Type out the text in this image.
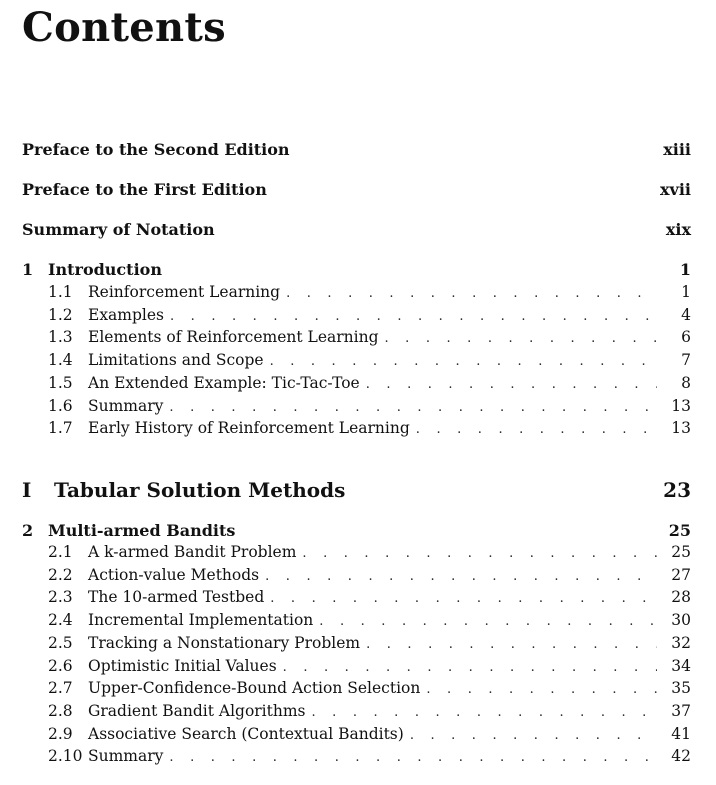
Contents
Preface to the Second Edition	xiii
Preface to the First Edition	xvii
Summary of Notation	xix
1 Introduction	1
1.1 Reinforcement Learning . . .	1
1.2 Examples . . .	4
1.3 Elements of Reinforcement Learning . . .	6
1.4 Limitations and Scope . . .	7
1.5 An Extended Example: Tic-Tac-Toe . . .	8
1.6 Summary . . .	13
1.7 Early History of Reinforcement Learning . . .	13
I	Tabular Solution Methods	23
2 Multi-armed Bandits	25
2.1 A k-armed Bandit Problem . . .	25
2.2 Action-value Methods . . .	27
2.3 The 10-armed Testbed . . .	28
2.4 Incremental Implementation . . .	30
2.5 Tracking a Nonstationary Problem . . .	32
2.6 Optimistic Initial Values . . .	34
2.7 Upper-Confidence-Bound Action Selection . . .	35
2.8 Gradient Bandit Algorithms . . .	37
2.9 Associative Search (Contextual Bandits) . . .	41
2.10 Summary . . .	42
